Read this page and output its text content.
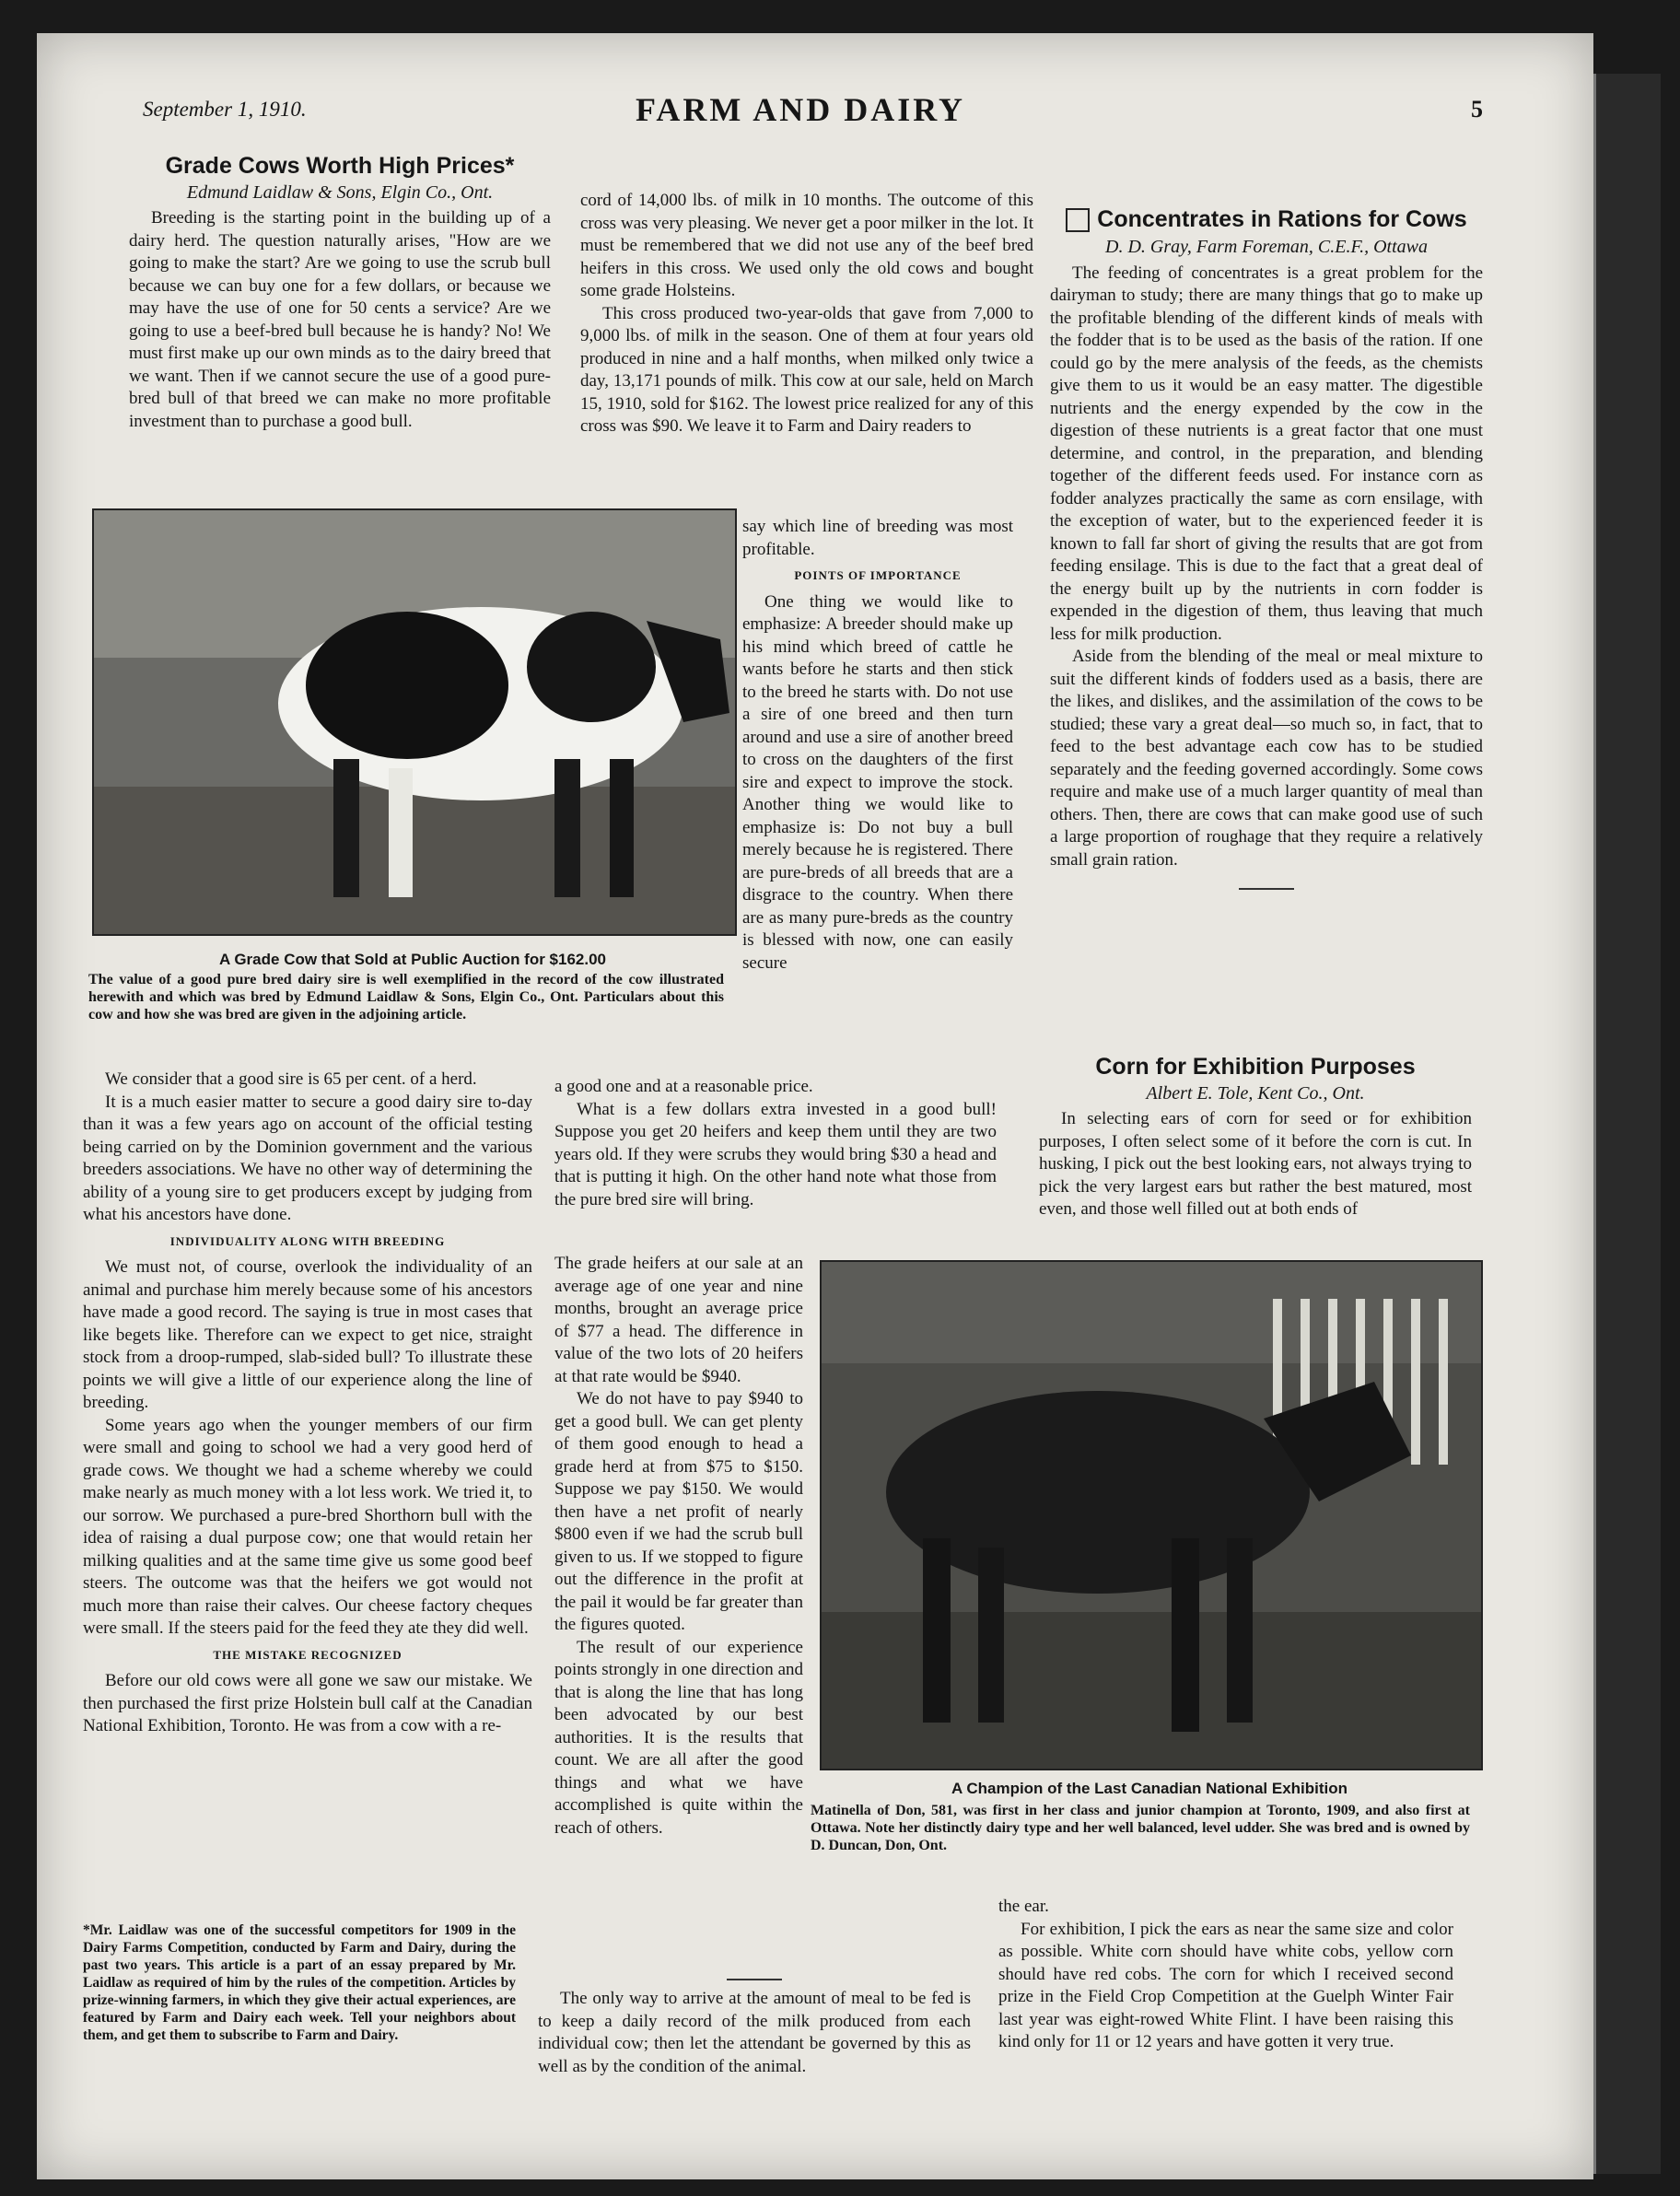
September 1, 1910.	FARM AND DAIRY	5
Grade Cows Worth High Prices*
Edmund Laidlaw & Sons, Elgin Co., Ont.

Breeding is the starting point in the building up of a dairy herd. The question naturally arises, "How are we going to make the start? Are we going to use the scrub bull because we can buy one for a few dollars, or because we may have the use of one for 50 cents a service? Are we going to use a beef-bred bull because he is handy? No! We must first make up our own minds as to the dairy breed that we want. Then if we cannot secure the use of a good pure-bred bull of that breed we can make no more profitable investment than to purchase a good bull.

cord of 14,000 lbs. of milk in 10 months. The outcome of this cross was very pleasing. We never get a poor milker in the lot. It must be remembered that we did not use any of the beef bred heifers in this cross. We used only the old cows and bought some grade Holsteins.

This cross produced two-year-olds that gave from 7,000 to 9,000 lbs. of milk in the season. One of them at four years old produced in nine and a half months, when milked only twice a day, 13,171 pounds of milk. This cow at our sale, held on March 15, 1910, sold for $162. The lowest price realized for any of this cross was $90. We leave it to Farm and Dairy readers to

A Grade Cow that Sold at Public Auction for $162.00
The value of a good pure bred dairy sire is well exemplified in the record of the cow illustrated herewith and which was bred by Edmund Laidlaw & Sons, Elgin Co., Ont. Particulars about this cow and how she was bred are given in the adjoining article.

say which line of breeding was most profitable.

POINTS OF IMPORTANCE

One thing we would like to emphasize: A breeder should make up his mind which breed of cattle he wants before he starts and then stick to the breed he starts with. Do not use a sire of one breed and then turn around and use a sire of another breed to cross on the daughters of the first sire and expect to improve the stock. Another thing we would like to emphasize is: Do not buy a bull merely because he is registered. There are pure-breds of all breeds that are a disgrace to the country. When there are as many pure-breds as the country is blessed with now, one can easily secure

We consider that a good sire is 65 per cent. of a herd.

It is a much easier matter to secure a good dairy sire to-day than it was a few years ago on account of the official testing being carried on by the Dominion government and the various breeders associations. We have no other way of determining the ability of a young sire to get producers except by judging from what his ancestors have done.

INDIVIDUALITY ALONG WITH BREEDING

We must not, of course, overlook the individuality of an animal and purchase him merely because some of his ancestors have made a good record. The saying is true in most cases that like begets like. Therefore can we expect to get nice, straight stock from a droop-rumped, slab-sided bull? To illustrate these points we will give a little of our experience along the line of breeding.

Some years ago when the younger members of our firm were small and going to school we had a very good herd of grade cows. We thought we had a scheme whereby we could make nearly as much money with a lot less work. We tried it, to our sorrow. We purchased a pure-bred Shorthorn bull with the idea of raising a dual purpose cow; one that would retain her milking qualities and at the same time give us some good beef steers. The outcome was that the heifers we got would not much more than raise their calves. Our cheese factory cheques were small. If the steers paid for the feed they ate they did well.

THE MISTAKE RECOGNIZED

Before our old cows were all gone we saw our mistake. We then purchased the first prize Holstein bull calf at the Canadian National Exhibition, Toronto. He was from a cow with a re-

*Mr. Laidlaw was one of the successful competitors for 1909 in the Dairy Farms Competition, conducted by Farm and Dairy, during the past two years. This article is a part of an essay prepared by Mr. Laidlaw as required of him by the rules of the competition. Articles by prize-winning farmers, in which they give their actual experiences, are featured by Farm and Dairy each week. Tell your neighbors about them, and get them to subscribe to Farm and Dairy.

a good one and at a reasonable price.

What is a few dollars extra invested in a good bull! Suppose you get 20 heifers and keep them until they are two years old. If they were scrubs they would bring $30 a head and that is putting it high. On the other hand note what those from the pure bred sire will bring.

The grade heifers at our sale at an average age of one year and nine months, brought an average price of $77 a head. The difference in value of the two lots of 20 heifers at that rate would be $940.

We do not have to pay $940 to get a good bull. We can get plenty of them good enough to head a grade herd at from $75 to $150. Suppose we pay $150. We would then have a net profit of nearly $800 even if we had the scrub bull given to us. If we stopped to figure out the difference in the profit at the pail it would be far greater than the figures quoted.

The result of our experience points strongly in one direction and that is along the line that has long been advocated by our best authorities. It is the results that count. We are all after the good things and what we have accomplished is quite within the reach of others.

The only way to arrive at the amount of meal to be fed is to keep a daily record of the milk produced from each individual cow; then let the attendant be governed by this as well as by the condition of the animal.

Concentrates in Rations for Cows
D. D. Gray, Farm Foreman, C.E.F., Ottawa

The feeding of concentrates is a great problem for the dairyman to study; there are many things that go to make up the profitable blending of the different kinds of meals with the fodder that is to be used as the basis of the ration. If one could go by the mere analysis of the feeds, as the chemists give them to us it would be an easy matter. The digestible nutrients and the energy expended by the cow in the digestion of these nutrients is a great factor that one must determine, and control, in the preparation, and blending together of the different feeds used. For instance corn as fodder analyzes practically the same as corn ensilage, with the exception of water, but to the experienced feeder it is known to fall far short of giving the results that are got from feeding ensilage. This is due to the fact that a great deal of the energy built up by the nutrients in corn fodder is expended in the digestion of them, thus leaving that much less for milk production.

Aside from the blending of the meal or meal mixture to suit the different kinds of fodders used as a basis, there are the likes, and dislikes, and the assimilation of the cows to be studied; these vary a great deal—so much so, in fact, that to feed to the best advantage each cow has to be studied separately and the feeding governed accordingly. Some cows require and make use of a much larger quantity of meal than others. Then, there are cows that can make good use of such a large proportion of roughage that they require a relatively small grain ration.

Corn for Exhibition Purposes
Albert E. Tole, Kent Co., Ont.

In selecting ears of corn for seed or for exhibition purposes, I often select some of it before the corn is cut. In husking, I pick out the best looking ears, not always trying to pick the very largest ears but rather the best matured, most even, and those well filled out at both ends of

A Champion of the Last Canadian National Exhibition
Matinella of Don, 581, was first in her class and junior champion at Toronto, 1909, and also first at Ottawa. Note her distinctly dairy type and her well balanced, level udder. She was bred and is owned by D. Duncan, Don, Ont.

the ear.

For exhibition, I pick the ears as near the same size and color as possible. White corn should have white cobs, yellow corn should have red cobs. The corn for which I received second prize in the Field Crop Competition at the Guelph Winter Fair last year was eight-rowed White Flint. I have been raising this kind only for 11 or 12 years and have gotten it very true.
